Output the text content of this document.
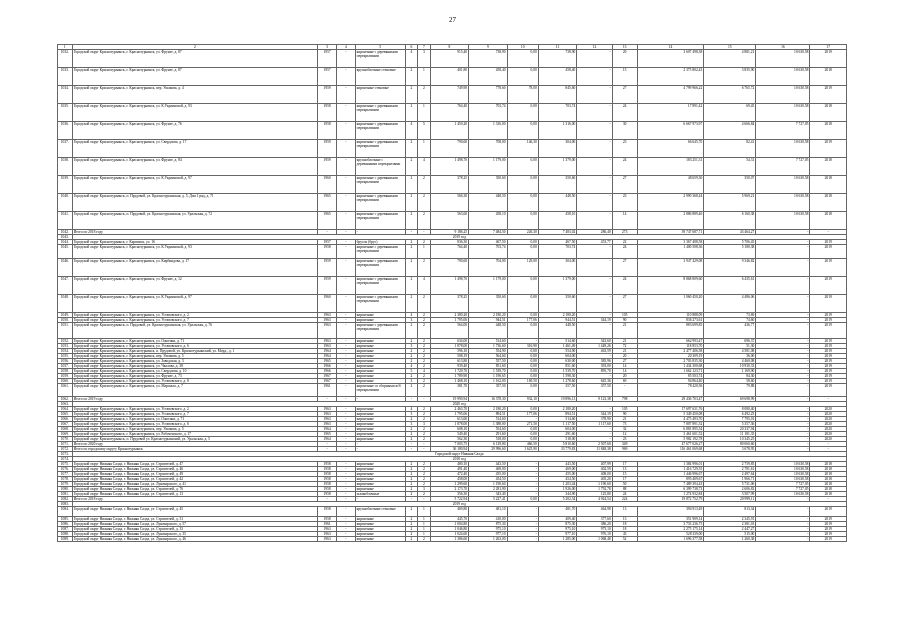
27
1	2	3	4	5	6	7	8	9	10	11	12	13	14	15	16	17
1032.	Городской округ Краснотурьинск, г. Краснотурьинск, ул. Фрунзе, д. 87	1957	-	кирпичные с деревянными перекрытиями	4	3	915,40	738,90	0,00	738,90	-	20	3 607 498,38	4 881,21	10 630,58	2019
1033.	Городской округ Краснотурьинск, г. Краснотурьинск, ул. Фрунзе, д. 87	1957	-	крупноблочные стеновые	2	1	401,80	458,40	0,00	458,40	-	15	2 375 802,43	3 835,90	10 630,58	2018
1034.	Городской округ Краснотурьинск, г. Краснотурьинск, пер. Ушакова, д. 4	1959	-	кирпичные стеновые	2	2	749,90	778,60	78,00	845,60	-	27	4 799 966,22	6 765,72	10 630,58	2019
1035.	Городской округ Краснотурьинск, г. Краснотурьинск, ул. К.Украинской, д. 93	1958	-	кирпичные с деревянными перекрытиями	2	1	764,40	703,74	0,00	703,74	-	24	17 891,42	69,45	10 630,58	2018
1036.	Городской округ Краснотурьинск, г. Краснотурьинск, ул. Фрунзе, д. 76	1958	-	кирпичные с деревянными перекрытиями	4	5	1 450,20	1 316,00	0,00	1 316,00	-	30	6 667 973,97	4 666,84	7 727,05	2018
1037.	Городской округ Краснотурьинск, г. Краснотурьинск, ул. Свердлова, д. 17	1959	-	кирпичные с деревянными перекрытиями	2	1	790,60	708,00	146,30	304,00	-	23	66 645,70	82,41	10 630,58	2019
1038.	Городской округ Краснотурьинск, г. Краснотурьинск, ул. Фрунзе, д. 84	1959	-	крупноблочные с деревянными перекрытиями	2	4	1 498,70	1 179,00	0,00	1 379,00	-	24	183 251,31	54,31	7 727,05	2018
1039.	Городской округ Краснотурьинск, г. Краснотурьинск, ул. К.Украинской, д. 97	1960	-	кирпичные с деревянными перекрытиями	2	2	378,25	350,60	0,00	350,60	-	27	48 659,30	350,07	10 630,58	2018
1040.	Городской округ Краснотурьинск, п. Прудовой, ул. Краснотурьинская, д. 5, Дом 1 ряд, д. 71	1965	-	кирпичные с деревянными перекрытиями	2	2	566,30	448,50	0,00	448,50	-	23	2 990 368,44	5 969,21	10 630,58	2018
1041.	Городской округ Краснотурьинск, п. Прудовой, ул. Краснотурьинская, ул. Уральская, д. 72	1965	-	кирпичные с деревянными перекрытиями	2	2	563,60	458,10	0,00	458,10	-	14	2 886 889,46	6 160,38	10 630,58	2018
1042.	Итого по 2018 году	-	-	-	-	-	9 186,25	7 484,50	226,30	7 483,02	286,40	273	39 747 687,71	43 464,27	-	-
1043.	2019 год															
1044.	Городской округ Краснотурьинск, г. Карпинск, ул. 16	1957	-	брусок (брус)	2	2	836,30	467,50	0,00	467,50	453,77	22	3 367 408,58	5 706,45	-	2019
1045.	Городской округ Краснотурьинск, г. Краснотурьинск, ул. К.Украинской, д. 93	1958	-	кирпичные с деревянными перекрытиями	2	1	764,40	703,74	0,00	703,74	-	24	1 400 508,36	5 180,38	-	2019
1046.	Городской округ Краснотурьинск, г. Краснотурьинск, ул. Кирбиндова, д. 17	1959	-	кирпичные с деревянными перекрытиями	2	2	790,60	704,00	129,00	304,00	-	27	3 947 429,08	9 346,82	-	2019
1047.	Городской округ Краснотурьинск, г. Краснотурьинск, ул. Фрунзе, д. 12	1959	-	кирпичные с деревянными перекрытиями	2	4	1 498,70	1 179,00	0,00	1 379,00	-	24	8 868 809,60	6 435,61	-	2019
1048.	Городской округ Краснотурьинск, г. Краснотурьинск, ул. К.Украинской, д. 97	1960	-	кирпичные с деревянными перекрытиями	2	2	378,25	350,60	0,00	350,60	-	27	1 060 450,20	4 486,06	-	2019
1049.	Городской округ Краснотурьинск, г. Краснотурьинск, ул. Уставовского, д. 2	1963	-	кирпичные	4	2	2 380,20	2 180,20	0,00	2 180,20	-	105	110 888,09	73,69	-	2019
1050.	Городской округ Краснотурьинск, г. Краснотурьинск, ул. Уставовского, д. 7	1963	-	кирпичные	3	2	1 795,06	944,51	177,06	944,51	344,19	90	836 273,61	74,60	-	2019
1051.	Городской округ Краснотурьинск, п. Прудовой, ул. Краснотурьинская, ул. Уральская, д. 76	1963	-	кирпичные с деревянными перекрытиями	2	2	564,00	448,50	0,00	448,50	-	21	883 699,85	436,77	-	2019
1052.	Городской округ Краснотурьинск, г. Краснотурьинск, ул. Ожогина, д. 71	1963	-	кирпичные	2	2	634,00	514,60	-	514,60	343,60	21	662 993,47	696,37	-	2019
1053.	Городской округ Краснотурьинск, г. Краснотурьинск, ул. Уставовского, д. 6	1963	-	кирпичные	3	2	1 878,00	1 736,60	316,90	1 461,49	1 449,26	72	118 853,70	51,30	-	2019
1054.	Городской округ Краснотурьинск, г. Краснотурьинск, п. Прудовой, ул. Краснотурьинский, ул. Морд., д. 1	1964	-	кирпичные	2	2	596,10	554,90	0,00	554,90	463,59	21	2 477 406,58	4 581,08	-	2019
1055.	Городской округ Краснотурьинск, г. Краснотурьинск, пер. Ушакова, д. 5	1964	-	кирпичные	2	2	508,19	564,60	0,00	604,00	-	20	20 309,19	36,00	-	2019
1056.	Городской округ Краснотурьинск, г. Краснотурьинск, ул. Заводская, д. 3	1965	-	кирпичные	2	2	613,80	557,50	0,00	630,00	385,96	27	2 703 835,30	4 460,08	-	2019
1057.	Городской округ Краснотурьинск, г. Краснотурьинск, ул. Чкалова, д. 38	1966	-	кирпичные	4	2	939,40	851,60	0,00	851,60	393,00	14	1 434 300,68	10 930,33	-	2019
1058.	Городской округ Краснотурьинск, г. Краснотурьинск, ул. Свердлова, д. 10	1966	-	кирпичные	5	4	1 729,70	1 539,70	0,00	1 539,70	895,70	14	1 662 123,71	1 169,90	-	2019
1059.	Городской округ Краснотурьинск, г. Краснотурьинск, ул. Фрунзе, д. 73	1967	-	кирпичные	2	2	1 789,90	1 190,65	0,00	1 598,30	-	20	85 503,74	84,30	-	2019
1060.	Городской округ Краснотурьинск, г. Краснотурьинск, ул. Уставовского, д. 8	1967	-	кирпичные	3	2	1 468,10	1 162,00	169,50	1 278,60	645,36	69	94 864,40	58,60	-	2019
1061.	Городской округ Краснотурьинск, г. Краснотурьинск, ул. Маршала, д. 7	1961	-	кирпичные со сборными ж/б перекрытиями	2	2	381,70	357,50	0,00	357,50	357,50	-	78 420,56	79,88	-	2019
1062.	Итого по 2019 году	-	-	-	-	-	19 990,94	16 378,30	932,10	19 896,13	9 123,38	798	29 436 703,47	69 698,99	-	-
1063.	2020 год															
1064.	Городской округ Краснотурьинск, г. Краснотурьинск, ул. Уставовского, д. 2	1963	-	кирпичные	4	2	2 463,70	2 180,20	0,00	2 180,20	-	105	17 697 631,76	8 080,40	-	2020
1065.	Городской округ Краснотурьинск, г. Краснотурьинск, ул. Уставовского, д. 7	1963	-	кирпичные	3	2	1 795,06	894,51	177,06	894,51	344,19	90	5 349 450,08	6 492,25	-	2020
1066.	Городской округ Краснотурьинск, г. Краснотурьинск, ул. Ожогина, д. 71	1963	-	кирпичные	2	2	613,60	514,60	-	514,60	378,90	21	4 475 493,70	7 795,01	-	2020
1067.	Городской округ Краснотурьинск, г. Краснотурьинск, ул. Уставовского, д. 6	1963	-	кирпичные	3	3	1 878,00	1 388,00	271,50	1 117,50	1 117,60	73	7 807 891,52	5 357,36	-	2020
1068.	Городской округ Краснотурьинск, г. Краснотурьинск, пер. Ушакова, д. 5	1964	-	кирпичные	2	2	608,10	554,60	0,00	604,00	-	32	6 881 895,54	20 337,94	-	2020
1069.	Городской округ Краснотурьинск, г. Краснотурьинск, ул. Рабоченского, д. 17	1965	-	кирпичные	2	2	549,40	291,60	0,00	291,60	-	12	3 461 601,52	11 181,35	-	2020
1070.	Городской округ Краснотурьинск, п. Прудовой ул. Краснотурьинский, ул. Уральская, д. 5	1964	-	кирпичные	2	2	562,30	518,00	0,00	518,00	-	23	5 982 192,78	10 345,25	-	2020
1071.	Итого по 2020 году	-	-	-	-	-	7 003,75	6 129,80	466,50	5 810,60	2 507,60	349	47 677 026,27	80 060,60	-	-
1072.	Итого по городскому округу Краснотурьинск	-	-	-	-	-	36 180,94	29 996,60	1 625,90	33 779,83	11 848,38	969	116 461 069,68	3 678,95	-	-
1073.	Городской округ Нижняя Салда															
1074.	2018 год															
1075.	Городской округ Нижняя Салда, г. Нижняя Салда, ул. Строителей, д. 47	1958	-	кирпичные	2	2	480,10	443,50	-	443,50	407,99	17	1 384 996,01	2 759,85	10 630,58	2018
1076.	Городской округ Нижняя Салда, г. Нижняя Салда, ул. Строителей, д. 46	1958	-	кирпичные	2	2	491,40	469,00	-	469,00	402,59	13	1 416 729,55	2 781,61	10 630,58	2018
1077.	Городской округ Нижняя Салда, г. Нижняя Салда, ул. Строителей, д. 49	1958	-	кирпичные	2	2	472,40	455,00	-	455,00	408,00	15	1 446 996,67	2 497,64	10 630,58	2018
1078.	Городской округ Нижняя Салда, г. Нижняя Салда, ул. Строителей, д. 42	1958	-	кирпичные	2	2	458,00	454,50	-	454,50	405,20	17	895 409,67	1 966,71	10 630,58	2018
1079.	Городской округ Нижняя Салда, г. Нижняя Салда, ул. Луначарского, д. 41	1958	-	кирпичные	2	2	1 299,60	1 190,60	-	1 203,44	1 190,60	50	7 489 394,43	5 731,06	7 727,05	2018
1080.	Городской округ Нижняя Салда, г. Нижняя Салда, ул. Строителей, д. 76	1958	-	кирпичные	2	3	2 173,70	2 281,90	-	1 926,00	1 792,78	88	6 399 738,73	2 606,82	7 727,05	2018
1081.	Городской округ Нижняя Салда, г. Нижняя Салда, ул. Строителей, д. 13	1958	-	шлакоблочные	2	2	356,30	343,40	-	344,90	125,80	24	1 274 932,84	3 507,99	10 630,58	2018
1082.	Итого по 2018 году	-	-	-	-	-	5 722,94	5 227,41	0,00	5 202,34	4 924,54	224	19 872 752,79	20 999,11	-	-
1083.	2019 год															
1084.	Городской округ Нижняя Салда, г. Нижняя Салда, ул. Строителей, д. 45	1958	-	крупноблочные стеновые	2	1	469,80	481,10	-	481,70	464,98	13	394 913,49	813,34	-	2019
1085.	Городской округ Нижняя Салда, г. Нижняя Салда, ул. Строителей, д. 31	1958	-	кирпичные	2	1	445,70	410,00	-	409,40	377,60	13	351 909,14	2 345,91	-	2019
1086.	Городской округ Нижняя Салда, г. Нижняя Салда, ул. Луначарского, д. 57	1961	-	кирпичные	2	1	1 004,80	875,30	-	875,30	386,20	18	3 733 236,75	2 381,01	-	2019
1087.	Городской округ Нижняя Салда, г. Нижняя Салда, ул. Строителей, д. 33	1963	-	кирпичные	2	1	1 046,80	975,10	-	975,10	975,10	18	2 275 175,14	2 447,27	-	2019
1088.	Городской округ Нижняя Салда, г. Нижняя Салда, ул. Луначарского, д. 35	1963	-	кирпичные	2	1	1 024,60	977,10	-	977,10	976,10	43	528 339,00	515,00	-	2019
1089.	Городской округ Нижняя Салда, г. Нижняя Салда, ул. Луначарского, д. 46	1963	-	кирпичные	2	2	1 386,60	1 263,00	-	1 285,00	1 068,48	52	1 696 377,58	1 260,38	-	2019
